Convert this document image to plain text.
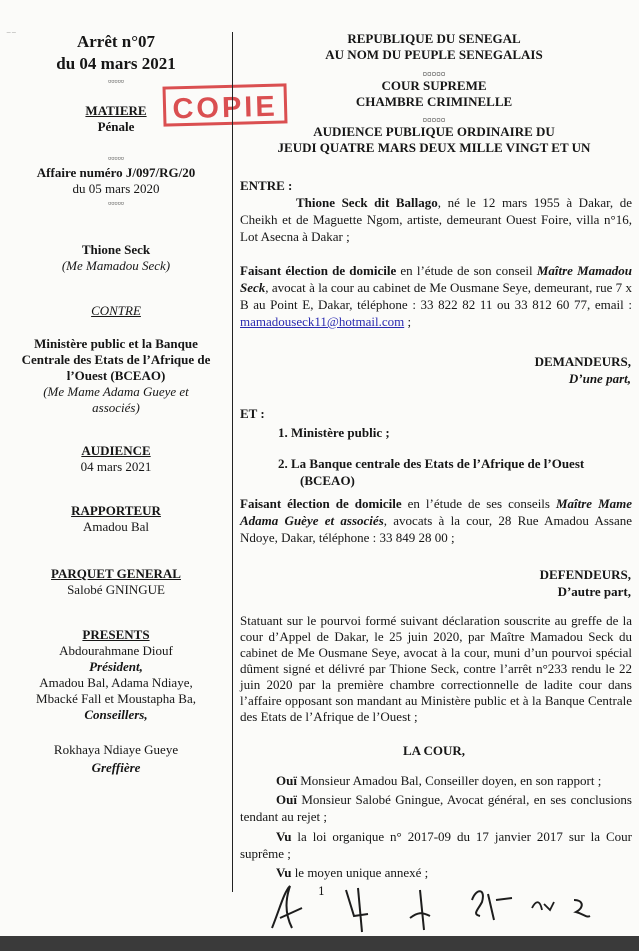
⁻⁻	Arrêt n°07
du 04 mars 2021
▫▫▫▫▫
MATIERE
Pénale
▫▫▫▫▫
Affaire numéro J/097/RG/20
du 05 mars 2020
▫▫▫▫▫
Thione Seck
(Me Mamadou Seck)
CONTRE
Ministère public et la Banque
Centrale des Etats de l’Afrique de
l’Ouest (BCEAO)
(Me Mame Adama Gueye et
associés)
AUDIENCE
04 mars 2021
RAPPORTEUR
Amadou Bal
PARQUET GENERAL
Salobé GNINGUE
PRESENTS
Abdourahmane Diouf
Président,
Amadou Bal, Adama Ndiaye,
Mbacké Fall et Moustapha Ba,
Conseillers,
Rokhaya Ndiaye Gueye
Greffière
COPIE
REPUBLIQUE DU SENEGAL
AU NOM DU PEUPLE SENEGALAIS
▫▫▫▫▫
COUR SUPREME
CHAMBRE CRIMINELLE
▫▫▫▫▫
AUDIENCE PUBLIQUE ORDINAIRE DU
JEUDI QUATRE MARS DEUX MILLE VINGT ET UN
ENTRE :
Thione Seck dit Ballago, né le 12 mars 1955 à Dakar, de Cheikh et de Maguette Ngom, artiste, demeurant Ouest Foire, villa n°16, Lot Asecna à Dakar ;
Faisant élection de domicile en l’étude de son conseil Maître Mamadou Seck, avocat à la cour au cabinet de Me Ousmane Seye, demeurant, rue 7 x B au Point E, Dakar, téléphone : 33 822 82 11 ou 33 812 60 77, email : mamadouseck11@hotmail.com ;
DEMANDEURS,
D’une part,
ET :
1. Ministère public ;
2. La Banque centrale des Etats de l’Afrique de l’Ouest
(BCEAO)
Faisant élection de domicile en l’étude de ses conseils Maître Mame Adama Guèye et associés, avocats à la cour, 28 Rue Amadou Assane Ndoye, Dakar, téléphone : 33 849 28 00 ;
DEFENDEURS,
D’autre part,
Statuant sur le pourvoi formé suivant déclaration souscrite au greffe de la cour d’Appel de Dakar, le 25 juin 2020, par Maître Mamadou Seck du cabinet de Me Ousmane Seye, avocat à la cour, muni d’un pourvoi spécial dûment signé et délivré par Thione Seck, contre l’arrêt n°233 rendu le 22 juin 2020 par la première chambre correctionnelle de ladite cour dans l’affaire opposant son mandant au Ministère public et à la Banque Centrale des Etats de l’Afrique de l’Ouest ;
LA COUR,
Ouï Monsieur Amadou Bal, Conseiller doyen, en son rapport ;
Ouï Monsieur Salobé Gningue, Avocat général, en ses conclusions tendant au rejet ;
Vu la loi organique n° 2017-09 du 17 janvier 2017 sur la Cour suprême ;
Vu le moyen unique annexé ;
1
